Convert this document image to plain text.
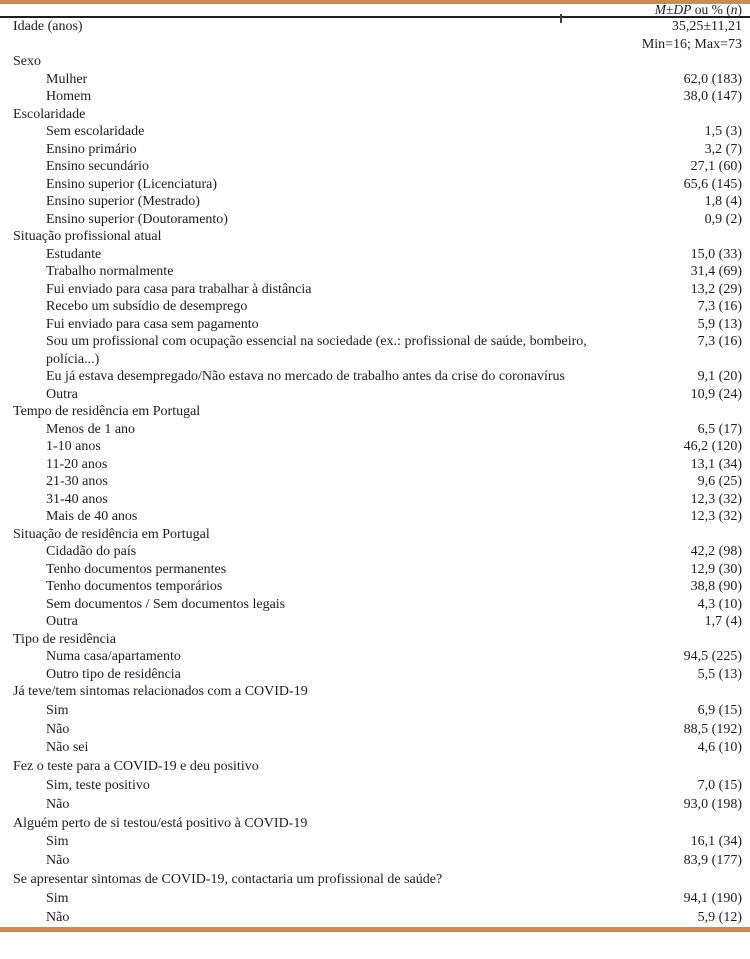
M±DP ou % (n)
Idade (anos)	35,25±11,21
Min=16; Max=73
Sexo
Mulher	62,0 (183)
Homem	38,0 (147)
Escolaridade
Sem escolaridade	1,5 (3)
Ensino primário	3,2 (7)
Ensino secundário	27,1 (60)
Ensino superior (Licenciatura)	65,6 (145)
Ensino superior (Mestrado)	1,8 (4)
Ensino superior (Doutoramento)	0,9 (2)
Situação profissional atual
Estudante	15,0 (33)
Trabalho normalmente	31,4 (69)
Fui enviado para casa para trabalhar à distância	13,2 (29)
Recebo um subsídio de desemprego	7,3 (16)
Fui enviado para casa sem pagamento	5,9 (13)
Sou um profissional com ocupação essencial na sociedade (ex.: profissional de saúde, bombeiro, polícia...)
7,3 (16)
Eu já estava desempregado/Não estava no mercado de trabalho antes da crise do coronavírus	9,1 (20)
Outra	10,9 (24)
Tempo de residência em Portugal
Menos de 1 ano	6,5 (17)
1-10 anos	46,2 (120)
11-20 anos	13,1 (34)
21-30 anos	9,6 (25)
31-40 anos	12,3 (32)
Mais de 40 anos	12,3 (32)
Situação de residência em Portugal
Cidadão do país	42,2 (98)
Tenho documentos permanentes	12,9 (30)
Tenho documentos temporários	38,8 (90)
Sem documentos / Sem documentos legais	4,3 (10)
Outra	1,7 (4)
Tipo de residência
Numa casa/apartamento	94,5 (225)
Outro tipo de residência	5,5 (13)
Já teve/tem sintomas relacionados com a COVID-19
Sim	6,9 (15)
Não	88,5 (192)
Não sei	4,6 (10)
Fez o teste para a COVID-19 e deu positivo
Sim, teste positivo	7,0 (15)
Não	93,0 (198)
Alguém perto de si testou/está positivo à COVID-19
Sim	16,1 (34)
Não	83,9 (177)
Se apresentar sintomas de COVID-19, contactaria um profissional de saúde?
Sim	94,1 (190)
Não	5,9 (12)
